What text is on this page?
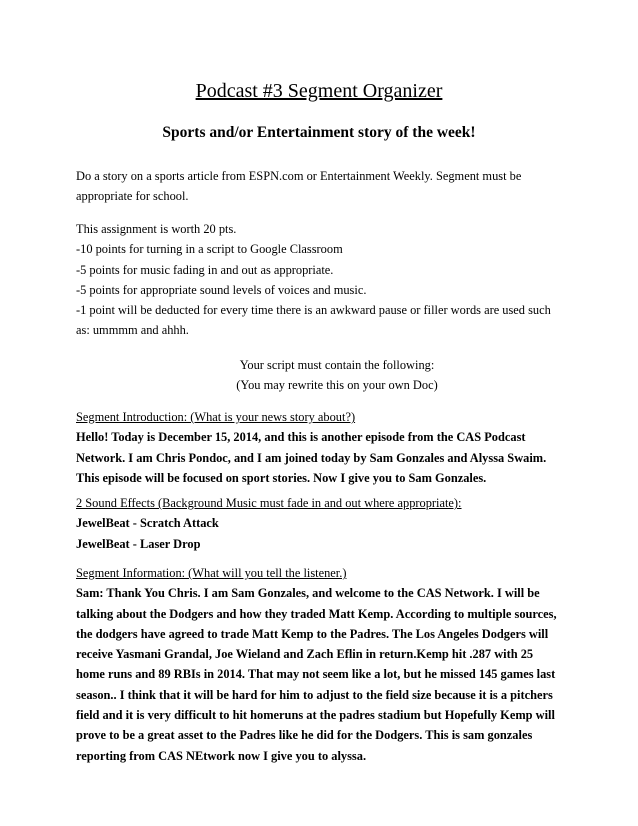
Podcast #3 Segment Organizer
Sports and/or Entertainment story of the week!
Do a story on a sports article from ESPN.com or Entertainment Weekly. Segment must be
appropriate for school.
This assignment is worth 20 pts.
-10 points for turning in a script to Google Classroom
-5 points for music fading in and out as appropriate.
-5 points for appropriate sound levels of voices and music.
-1 point will be deducted for every time there is an awkward pause or filler words are used such
as: ummmm and ahhh.
Your script must contain the following:
(You may rewrite this on your own Doc)
Segment Introduction: (What is your news story about?)
Hello! Today is December 15, 2014, and this is another episode from the CAS Podcast
Network. I am Chris Pondoc, and I am joined today by Sam Gonzales and Alyssa Swaim.
This episode will be focused on sport stories. Now I give you to Sam Gonzales.
2 Sound Effects (Background Music must fade in and out where appropriate):
JewelBeat - Scratch Attack
JewelBeat - Laser Drop
Segment Information: (What will you tell the listener.)
Sam: Thank You Chris. I am Sam Gonzales, and welcome to the CAS Network. I will be
talking about the Dodgers and how they traded Matt Kemp. According to multiple sources,
the dodgers have agreed to trade Matt Kemp to the Padres. The Los Angeles Dodgers will
receive Yasmani Grandal, Joe Wieland and Zach Eflin in return.Kemp hit .287 with 25
home runs and 89 RBIs in 2014. That may not seem like a lot, but he missed 145 games last
season.. I think that it will be hard for him to adjust to the field size because it is a pitchers
field and it is very difficult to hit homeruns at the padres stadium but Hopefully Kemp will
prove to be a great asset to the Padres like he did for the Dodgers. This is sam gonzales
reporting from CAS NEtwork now I give you to alyssa.
